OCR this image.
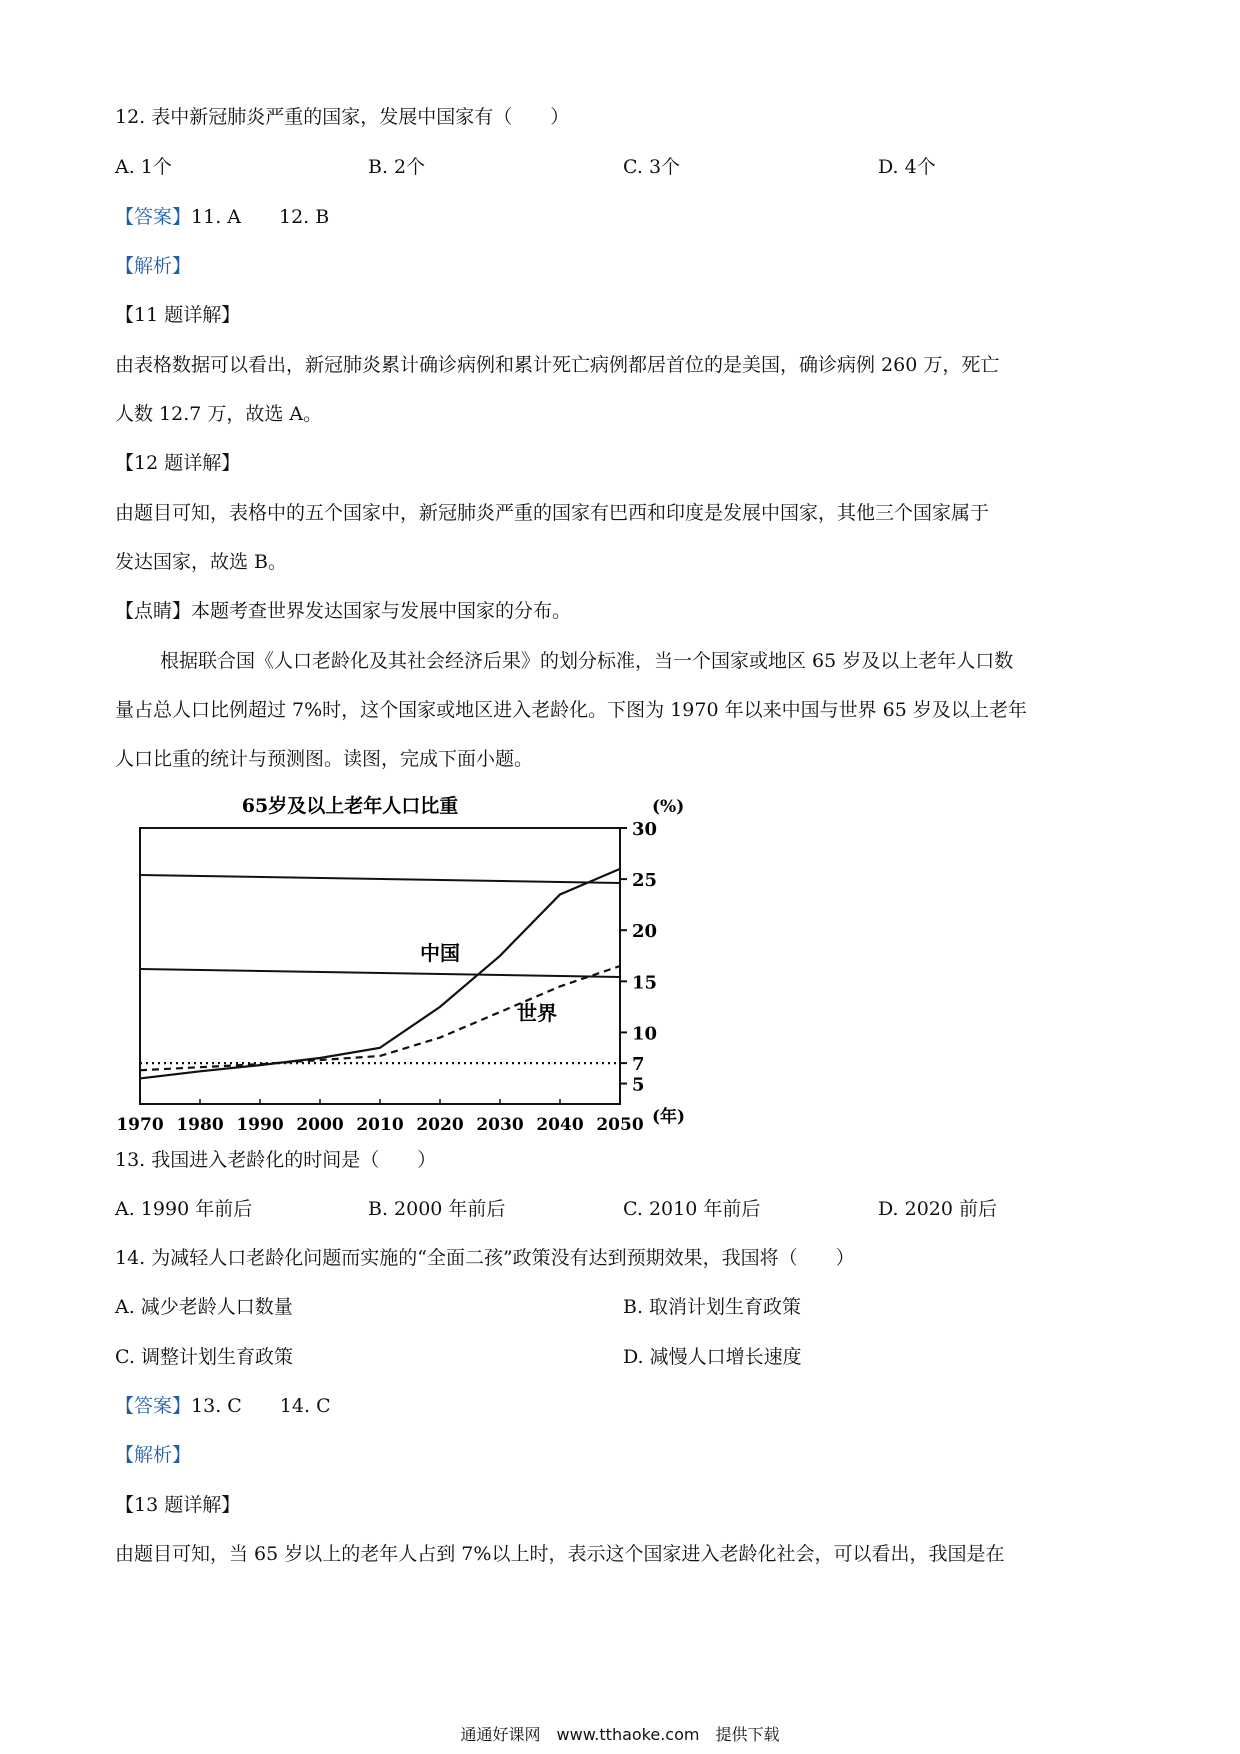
12. 表中新冠肺炎严重的国家，发展中国家有（　　）
A. 1个	B. 2个	C. 3个	D. 4个
【答案】11. A　　12. B
【解析】
【11 题详解】
由表格数据可以看出，新冠肺炎累计确诊病例和累计死亡病例都居首位的是美国，确诊病例 260 万，死亡
人数 12.7 万，故选 A。
【12 题详解】
由题目可知，表格中的五个国家中，新冠肺炎严重的国家有巴西和印度是发展中国家，其他三个国家属于
发达国家，故选 B。
【点睛】本题考查世界发达国家与发展中国家的分布。
根据联合国《人口老龄化及其社会经济后果》的划分标准，当一个国家或地区 65 岁及以上老年人口数
量占总人口比例超过 7%时，这个国家或地区进入老龄化。下图为 1970 年以来中国与世界 65 岁及以上老年
人口比重的统计与预测图。读图，完成下面小题。
65岁及以上老年人口比重	(%)
30
25
20
15
10
7
5
1970 1980 1990 2000 2010 2020 2030 2040 2050
中国
世界
(年)
13. 我国进入老龄化的时间是（　　）
A. 1990 年前后	B. 2000 年前后	C. 2010 年前后	D. 2020 前后
14. 为减轻人口老龄化问题而实施的“全面二孩”政策没有达到预期效果，我国将（　　）
A. 减少老龄人口数量	B. 取消计划生育政策
C. 调整计划生育政策	D. 减慢人口增长速度
【答案】13. C　　14. C
【解析】
【13 题详解】
由题目可知，当 65 岁以上的老年人占到 7%以上时，表示这个国家进入老龄化社会，可以看出，我国是在
通通好课网　www.tthaoke.com　提供下载
